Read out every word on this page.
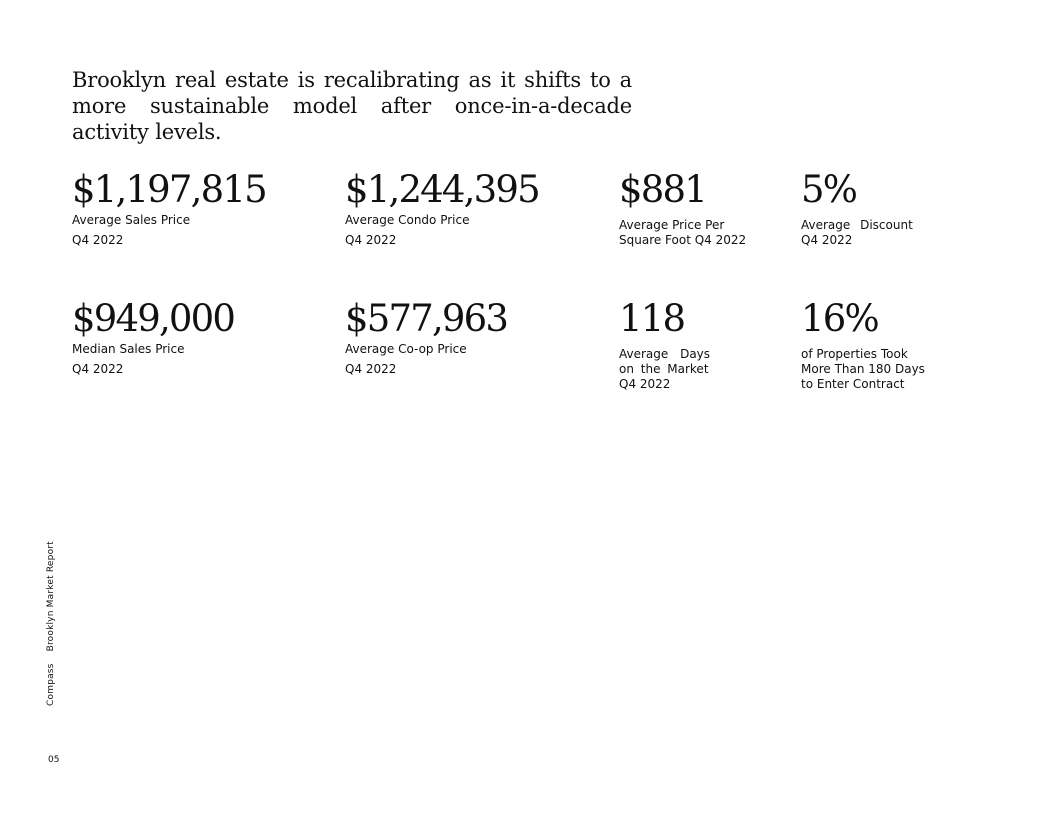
Brooklyn real estate is recalibrating as it shifts to a more sustainable model after once-in-a-decade activity levels.

$1,197,815
Average Sales Price
Q4 2022
$1,244,395
Average Condo Price
Q4 2022
$881
Average Price Per
Square Foot Q4 2022
5%
Average Discount
Q4 2022
$949,000
Median Sales Price
Q4 2022
$577,963
Average Co-op Price
Q4 2022
118
Average Days
on the Market
Q4 2022
16%
of Properties Took
More Than 180 Days
to Enter Contract
CompassBrooklyn Market Report
05
